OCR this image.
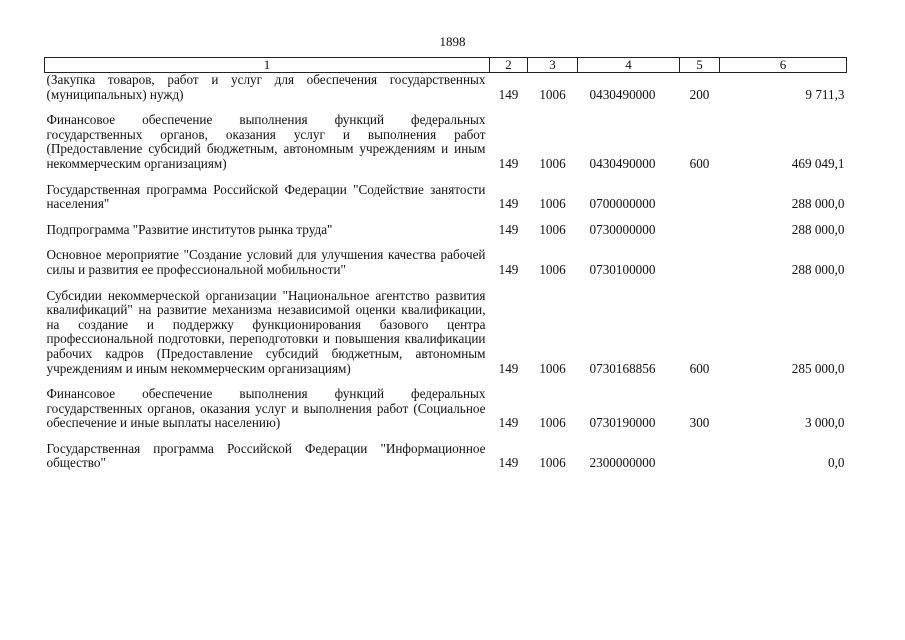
1898
1	2	3	4	5	6
(Закупка товаров, работ и услуг для обеспечения государственных (муниципальных) нужд)	149	1006	0430490000	200	9 711,3
Финансовое обеспечение выполнения функций федеральных государственных органов, оказания услуг и выполнения работ (Предоставление субсидий бюджетным, автономным учреждениям и иным некоммерческим организациям)	149	1006	0430490000	600	469 049,1
Государственная программа Российской Федерации "Содействие занятости населения"	149	1006	0700000000		288 000,0
Подпрограмма "Развитие институтов рынка труда"	149	1006	0730000000		288 000,0
Основное мероприятие "Создание условий для улучшения качества рабочей силы и развития ее профессиональной мобильности"	149	1006	0730100000		288 000,0
Субсидии некоммерческой организации "Национальное агентство развития квалификаций" на развитие механизма независимой оценки квалификации, на создание и поддержку функционирования базового центра профессиональной подготовки, переподготовки и повышения квалификации рабочих кадров (Предоставление субсидий бюджетным, автономным учреждениям и иным некоммерческим организациям)	149	1006	0730168856	600	285 000,0
Финансовое обеспечение выполнения функций федеральных государственных органов, оказания услуг и выполнения работ (Социальное обеспечение и иные выплаты населению)	149	1006	0730190000	300	3 000,0
Государственная программа Российской Федерации "Информационное общество"	149	1006	2300000000		0,0
